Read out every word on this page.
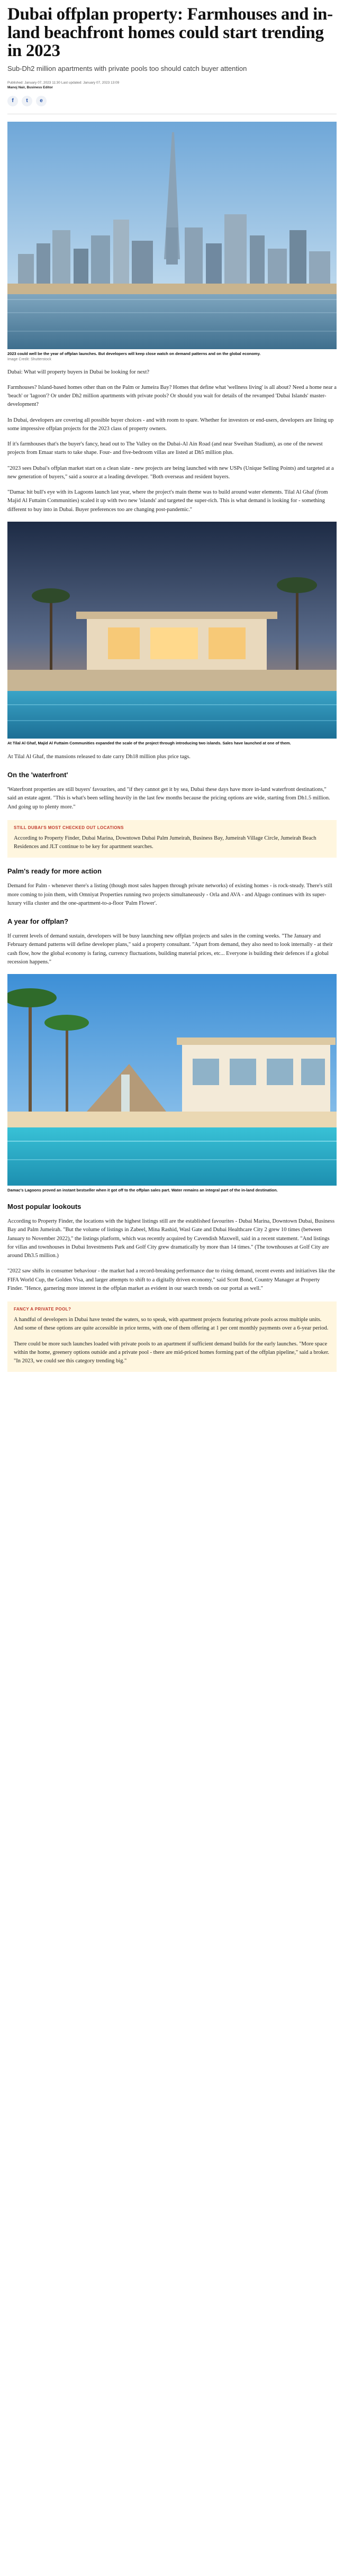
Dubai offplan property: Farmhouses and in-land beachfront homes could start trending in 2023
Sub-Dh2 million apartments with private pools too should catch buyer attention
Published: January 07, 2023 11:30 Last updated: January 07, 2023 13:09
Manoj Nair, Business Editor
f t e
2023 could well be the year of offplan launches. But developers will keep close watch on demand patterns and on the global economy.
Image Credit: Shutterstock

Dubai: What will property buyers in Dubai be looking for next?

Farmhouses? Island-based homes other than on the Palm or Jumeira Bay? Homes that define what 'wellness living' is all about? Need a home near a 'beach' or 'lagoon'? Or under Dh2 million apartments with private pools? Or should you wait for details of the revamped 'Dubai Islands' master-development?

In Dubai, developers are covering all possible buyer choices - and with room to spare. Whether for investors or end-users, developers are lining up some impressive offplan projects for the 2023 class of property owners.

If it's farmhouses that's the buyer's fancy, head out to The Valley on the Dubai-Al Ain Road (and near Sweihan Stadium), as one of the newest projects from Emaar starts to take shape. Four- and five-bedroom villas are listed at Dh5 million plus.

"2023 sees Dubai's offplan market start on a clean slate - new projects are being launched with new USPs (Unique Selling Points) and targeted at a new generation of buyers," said a source at a leading developer. "Both overseas and resident buyers.

"Damac hit bull's eye with its Lagoons launch last year, where the project's main theme was to build around water elements. Tilal Al Ghaf (from Majid Al Futtaim Communities) scaled it up with two new 'islands' and targeted the super-rich. This is what demand is looking for - something different to buy into in Dubai. Buyer preferences too are changing post-pandemic."

At Tilal Al Ghaf, Majid Al Futtaim Communities expanded the scale of the project through introducing two islands. Sales have launched at one of them.

At Tilal Al Ghaf, the mansions released to date carry Dh18 million plus price tags.

On the 'waterfront'

'Waterfront properties are still buyers' favourites, and "if they cannot get it by sea, Dubai these days have more in-land waterfront destinations," said an estate agent. "This is what's been selling heavily in the last few months because the pricing options are wide, starting from Dh1.5 million. And going up to plenty more."

STILL DUBAI'S MOST CHECKED OUT LOCATIONS

According to Property Finder, Dubai Marina, Downtown Dubai Palm Jumeirah, Business Bay, Jumeirah Village Circle, Jumeirah Beach Residences and JLT continue to be key for apartment searches.

Palm's ready for more action

Demand for Palm - whenever there's a listing (though most sales happen through private networks) of existing homes - is rock-steady. There's still more coming to join them, with Omniyat Properties running two projects simultaneously - Orla and AVA - and Alpago continues with its super-luxury villa cluster and the one-apartment-to-a-floor 'Palm Flower'.

A year for offplan?

If current levels of demand sustain, developers will be busy launching new offplan projects and sales in the coming weeks. "The January and February demand patterns will define developer plans," said a property consultant. "Apart from demand, they also need to look internally - at their cash flow, how the global economy is faring, currency fluctuations, building material prices, etc... Everyone is building their defences if a global recession happens."

Damac's Lagoons proved an instant bestseller when it got off to the offplan sales part. Water remains an integral part of the in-land destination.
Most popular lookouts

According to Property Finder, the locations with the highest listings still are the established favourites - Dubai Marina, Downtown Dubai, Business Bay and Palm Jumeirah. "But the volume of listings in Zabeel, Mina Rashid, Wasl Gate and Dubai Healthcare City 2 grew 10 times (between January to November 2022)," the listings platform, which was recently acquired by Cavendish Maxwell, said in a recent statement. "And listings for villas and townhouses in Dubai Investments Park and Golf City grew dramatically by more than 14 times." (The townhouses at Golf City are around Dh3.5 million.)

"2022 saw shifts in consumer behaviour - the market had a record-breaking performance due to rising demand, recent events and initiatives like the FIFA World Cup, the Golden Visa, and larger attempts to shift to a digitally driven economy," said Scott Bond, Country Manager at Property Finder. "Hence, garnering more interest in the offplan market as evident in our search trends on our portal as well."

FANCY A PRIVATE POOL?

A handful of developers in Dubai have tested the waters, so to speak, with apartment projects featuring private pools across multiple units. And some of these options are quite accessible in price terms, with one of them offering at 1 per cent monthly payments over a 6-year period.

There could be more such launches loaded with private pools to an apartment if sufficient demand builds for the early launches. "More space within the home, greenery options outside and a private pool - there are mid-priced homes forming part of the offplan pipeline," said a broker. "In 2023, we could see this category trending big."
